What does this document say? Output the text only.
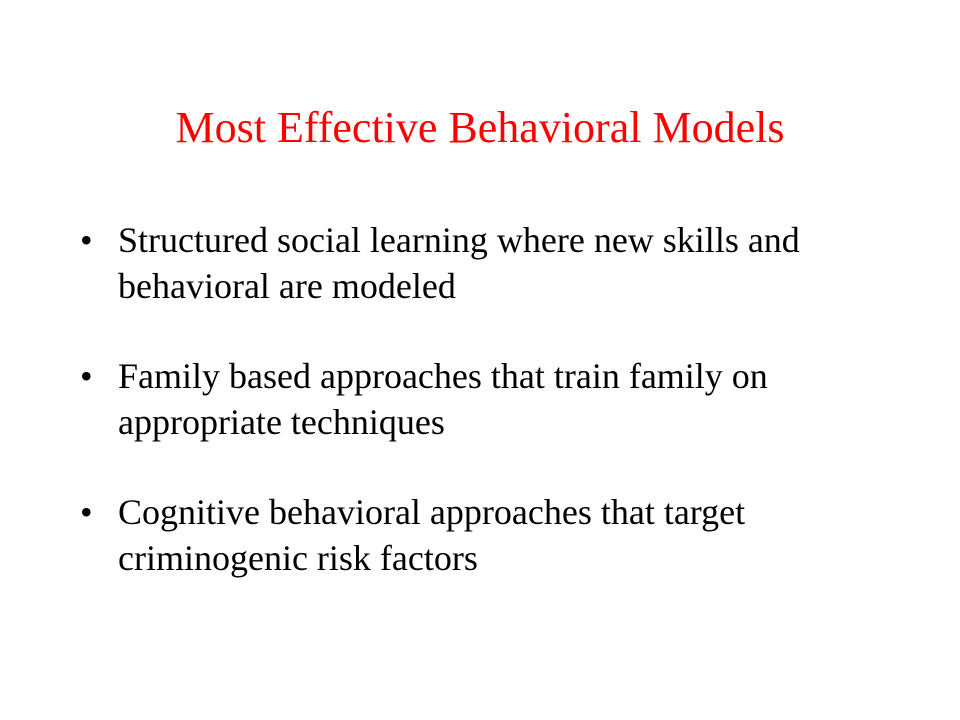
Most Effective Behavioral Models
• Structured social learning where new skills and behavioral are modeled
• Family based approaches that train family on appropriate techniques
• Cognitive behavioral approaches that target criminogenic risk factors
